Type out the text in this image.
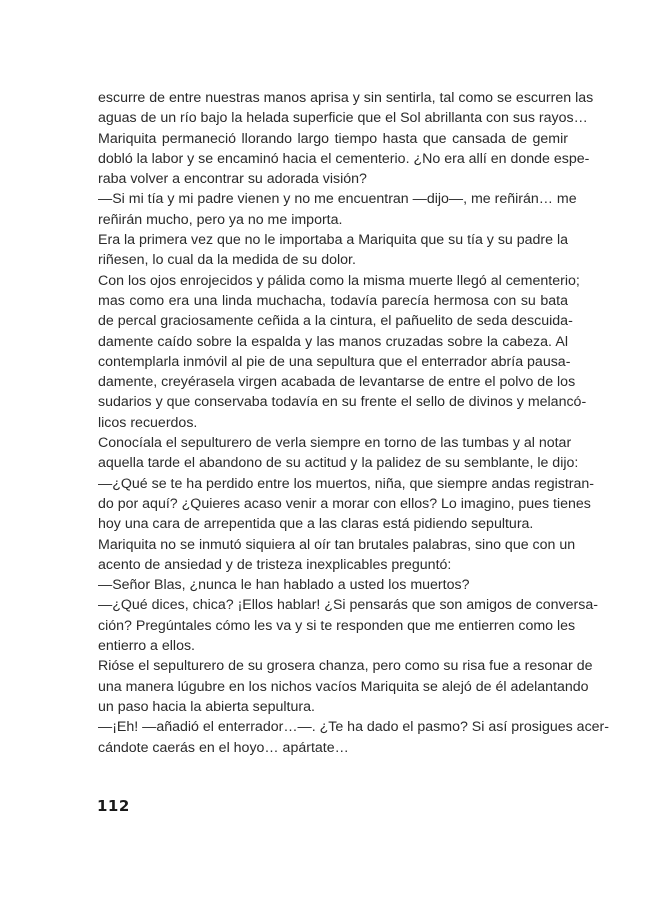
escurre de entre nuestras manos aprisa y sin sentirla, tal como se escurren las
aguas de un río bajo la helada superficie que el Sol abrillanta con sus rayos…
Mariquita permaneció llorando largo tiempo hasta que cansada de gemir
dobló la labor y se encaminó hacia el cementerio. ¿No era allí en donde espe-
raba volver a encontrar su adorada visión?
—Si mi tía y mi padre vienen y no me encuentran —dijo—, me reñirán… me
reñirán mucho, pero ya no me importa.
Era la primera vez que no le importaba a Mariquita que su tía y su padre la
riñesen, lo cual da la medida de su dolor.
Con los ojos enrojecidos y pálida como la misma muerte llegó al cementerio;
mas como era una linda muchacha, todavía parecía hermosa con su bata
de percal graciosamente ceñida a la cintura, el pañuelito de seda descuida-
damente caído sobre la espalda y las manos cruzadas sobre la cabeza. Al
contemplarla inmóvil al pie de una sepultura que el enterrador abría pausa-
damente, creyérasela virgen acabada de levantarse de entre el polvo de los
sudarios y que conservaba todavía en su frente el sello de divinos y melancó-
licos recuerdos.
Conocíala el sepulturero de verla siempre en torno de las tumbas y al notar
aquella tarde el abandono de su actitud y la palidez de su semblante, le dijo:
—¿Qué se te ha perdido entre los muertos, niña, que siempre andas registran-
do por aquí? ¿Quieres acaso venir a morar con ellos? Lo imagino, pues tienes
hoy una cara de arrepentida que a las claras está pidiendo sepultura.
Mariquita no se inmutó siquiera al oír tan brutales palabras, sino que con un
acento de ansiedad y de tristeza inexplicables preguntó:
—Señor Blas, ¿nunca le han hablado a usted los muertos?
—¿Qué dices, chica? ¡Ellos hablar! ¿Si pensarás que son amigos de conversa-
ción? Pregúntales cómo les va y si te responden que me entierren como les
entierro a ellos.
Rióse el sepulturero de su grosera chanza, pero como su risa fue a resonar de
una manera lúgubre en los nichos vacíos Mariquita se alejó de él adelantando
un paso hacia la abierta sepultura.
—¡Eh! —añadió el enterrador…—. ¿Te ha dado el pasmo? Si así prosigues acer-
cándote caerás en el hoyo… apártate…
112
